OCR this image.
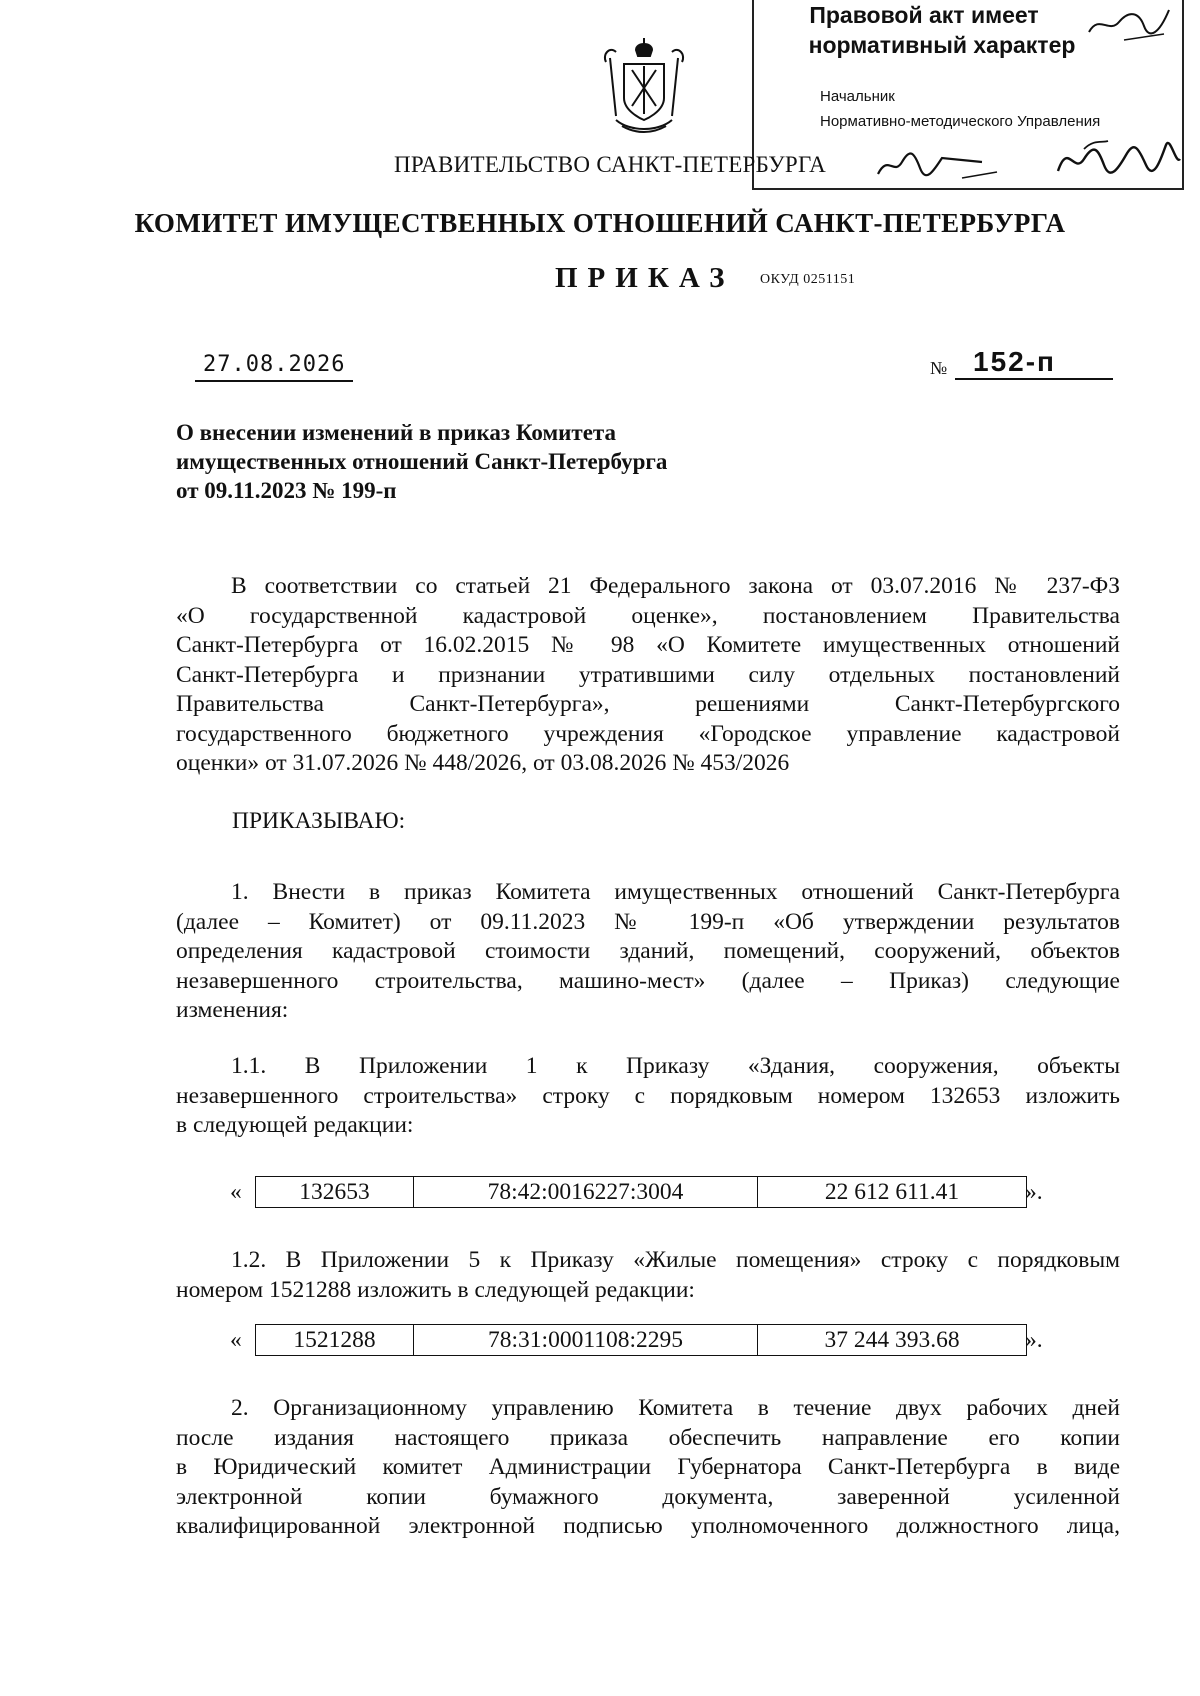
Правовой акт имеет
нормативный характер
Начальник
Нормативно-методического Управления
ПРАВИТЕЛЬСТВО САНКТ-ПЕТЕРБУРГА
КОМИТЕТ ИМУЩЕСТВЕННЫХ ОТНОШЕНИЙ САНКТ-ПЕТЕРБУРГА
ПРИКАЗ ОКУД 0251151
27.08.2026	№ 152-п
О внесении изменений в приказ Комитета
имущественных отношений Санкт-Петербурга
от 09.11.2023 № 199-п
В соответствии со статьей 21 Федерального закона от 03.07.2016 № 237-ФЗ
«О государственной кадастровой оценке», постановлением Правительства
Санкт-Петербурга от 16.02.2015 № 98 «О Комитете имущественных отношений
Санкт-Петербурга и признании утратившими силу отдельных постановлений
Правительства Санкт-Петербурга», решениями Санкт-Петербургского
государственного бюджетного учреждения «Городское управление кадастровой
оценки» от 31.07.2026 № 448/2026, от 03.08.2026 № 453/2026
ПРИКАЗЫВАЮ:
1. Внести в приказ Комитета имущественных отношений Санкт-Петербурга
(далее – Комитет) от 09.11.2023 № 199-п «Об утверждении результатов
определения кадастровой стоимости зданий, помещений, сооружений, объектов
незавершенного строительства, машино-мест» (далее – Приказ) следующие
изменения:
1.1. В Приложении 1 к Приказу «Здания, сооружения, объекты
незавершенного строительства» строку с порядковым номером 132653 изложить
в следующей редакции:
«	132653	78:42:0016227:3004	22 612 611.41	».
1.2. В Приложении 5 к Приказу «Жилые помещения» строку с порядковым
номером 1521288 изложить в следующей редакции:
«	1521288	78:31:0001108:2295	37 244 393.68	».
2. Организационному управлению Комитета в течение двух рабочих дней
после издания настоящего приказа обеспечить направление его копии
в Юридический комитет Администрации Губернатора Санкт-Петербурга в виде
электронной копии бумажного документа, заверенной усиленной
квалифицированной электронной подписью уполномоченного должностного лица,
